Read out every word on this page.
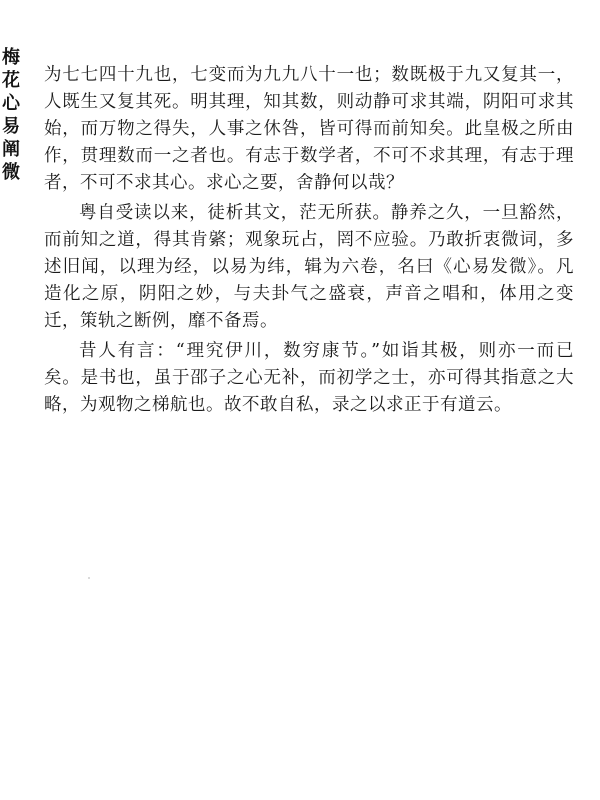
梅花心易阐微

为七七四十九也，七变而为九九八十一也；数既极于九又复其一，人既生又复其死。明其理，知其数，则动静可求其端，阴阳可求其始，而万物之得失，人事之休咎，皆可得而前知矣。此皇极之所由作，贯理数而一之者也。有志于数学者，不可不求其理，有志于理者，不可不求其心。求心之要，舍静何以哉？

粤自受读以来，徒析其文，茫无所获。静养之久，一旦豁然，而前知之道，得其肯綮；观象玩占，罔不应验。乃敢折衷微词，多述旧闻，以理为经，以易为纬，辑为六卷，名曰《心易发微》。凡造化之原，阴阳之妙，与夫卦气之盛衰，声音之唱和，体用之变迁，策轨之断例，靡不备焉。

昔人有言：“理究伊川，数穷康节。”如诣其极，则亦一而已矣。是书也，虽于邵子之心无补，而初学之士，亦可得其指意之大略，为观物之梯航也。故不敢自私，录之以求正于有道云。
